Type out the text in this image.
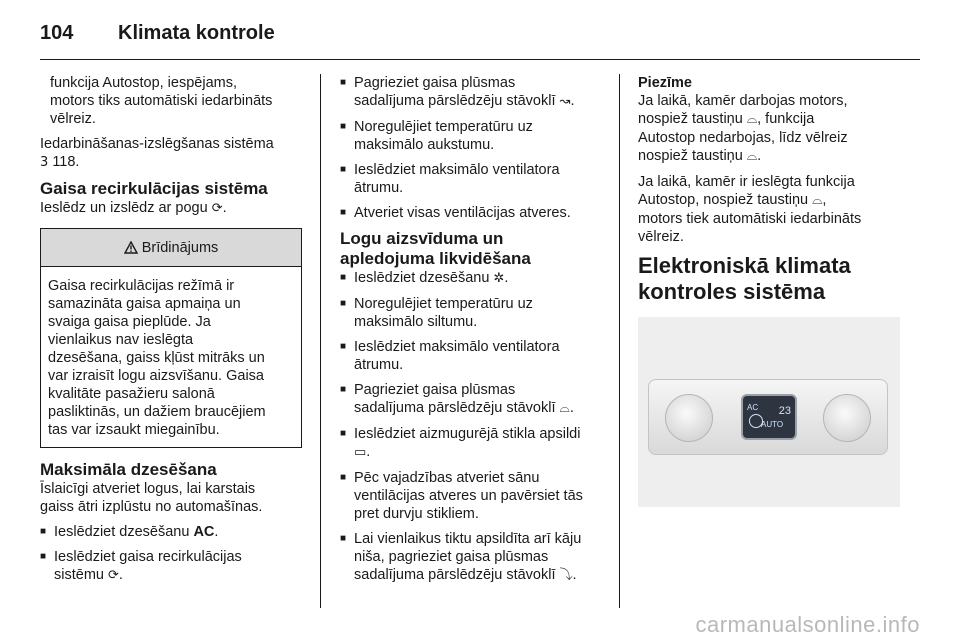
104	Klimata kontrole

funkcija Autostop, iespējams,
motors tiks automātiski iedarbināts
vēlreiz.

Iedarbināšanas-izslēgšanas sistēma
3 118.

Gaisa recirkulācijas sistēma

Ieslēdz un izslēdz ar pogu ⟳.

Brīdinājums
Gaisa recirkulācijas režīmā ir
samazināta gaisa apmaiņa un
svaiga gaisa pieplūde. Ja
vienlaikus nav ieslēgta
dzesēšana, gaiss kļūst mitrāks un
var izraisīt logu aizsvīšanu. Gaisa
kvalitāte pasažieru salonā
pasliktinās, un dažiem braucējiem
tas var izsaukt miegainību.
Maksimāla dzesēšana

Īslaicīgi atveriet logus, lai karstais
gaiss ātri izplūstu no automašīnas.

■ Ieslēdziet dzesēšanu AC.
■ Ieslēdziet gaisa recirkulācijas
sistēmu ⟳.
■ Pagrieziet gaisa plūsmas
sadalījuma pārslēdzēju stāvoklī ↝.
■ Noregulējiet temperatūru uz
maksimālo aukstumu.
■ Ieslēdziet maksimālo ventilatora
ātrumu.
■ Atveriet visas ventilācijas atveres.
Logu aizsvīduma un
apledojuma likvidēšana
■ Ieslēdziet dzesēšanu ✲.
■ Noregulējiet temperatūru uz
maksimālo siltumu.
■ Ieslēdziet maksimālo ventilatora
ātrumu.
■ Pagrieziet gaisa plūsmas
sadalījuma pārslēdzēju stāvoklī ⌓.
■ Ieslēdziet aizmugurējā stikla apsildi
▭.
■ Pēc vajadzības atveriet sānu
ventilācijas atveres un pavērsiet tās
pret durvju stikliem.
■ Lai vienlaikus tiktu apsildīta arī kāju
niša, pagrieziet gaisa plūsmas
sadalījuma pārslēdzēju stāvoklī ⤵.

Piezīme
Ja laikā, kamēr darbojas motors,
nospiež taustiņu ⌓, funkcija
Autostop nedarbojas, līdz vēlreiz
nospiež taustiņu ⌓.

Ja laikā, kamēr ir ieslēgta funkcija
Autostop, nospiež taustiņu ⌓,
motors tiek automātiski iedarbināts
vēlreiz.

Elektroniskā klimata
kontroles sistēma
AC 23
AUTO
carmanualsonline.info
